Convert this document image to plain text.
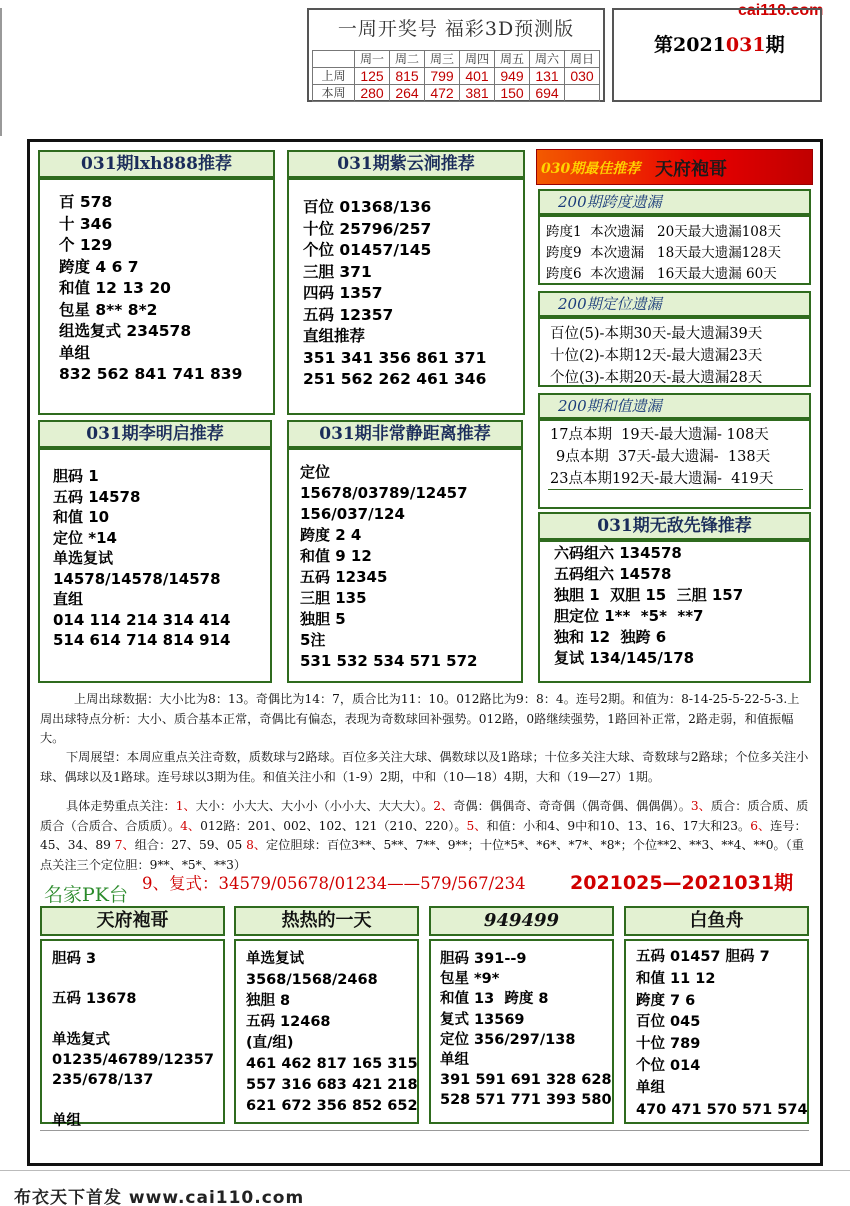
cai110.com
一周开奖号 福彩3D预测版
	周一	周二	周三	周四	周五	周六	周日
上周	125	815	799	401	949	131	030
本周	280	264	472	381	150	694	
第2021031期
031期lxh888推荐
百 578
十 346
个 129
跨度 4 6 7
和值 12 13 20
包星 8** 8*2
组选复式 234578
单组
832 562 841 741 839
031期紫云涧推荐
百位 01368/136
十位 25796/257
个位 01457/145
三胆 371
四码 1357
五码 12357
直组推荐
351 341 356 861 371
251 562 262 461 346
031期李明启推荐
胆码 1
五码 14578
和值 10
定位 *14
单选复试
14578/14578/14578
直组
014 114 214 314 414
514 614 714 814 914
031期非常静距离推荐
定位
15678/03789/12457
156/037/124
跨度 2 4
和值 9 12
五码 12345
三胆 135
独胆 5
5注
531 532 534 571 572
030期最佳推荐 天府袍哥
200期跨度遗漏
跨度1  本次遗漏   20天最大遗漏108天
跨度9  本次遗漏   18天最大遗漏128天
跨度6  本次遗漏   16天最大遗漏 60天
200期定位遗漏
百位(5)-本期30天-最大遗漏39天
十位(2)-本期12天-最大遗漏23天
个位(3)-本期20天-最大遗漏28天
200期和值遗漏
17点本期  19天-最大遗漏- 108天
9点本期  37天-最大遗漏-  138天
23点本期192天-最大遗漏-  419天
031期无敌先锋推荐
六码组六 134578
五码组六 14578
独胆 1  双胆 15  三胆 157
胆定位 1**  *5*  **7
独和 12  独跨 6
复试 134/145/178
上周出球数据：大小比为8：13。奇偶比为14：7，质合比为11：10。012路比为9：8：4。连号2期。和值为：8-14-25-5-22-5-3.上周出球特点分析：大小、质合基本正常，奇偶比有偏态，表现为奇数球回补强势。012路，0路继续强势，1路回补正常，2路走弱，和值振幅大。
下周展望：本周应重点关注奇数，质数球与2路球。百位多关注大球、偶数球以及1路球；十位多关注大球、奇数球与2路球；个位多关注小球、偶球以及1路球。连号球以3期为佳。和值关注小和（1-9）2期，中和（10—18）4期，大和（19—27）1期。
具体走势重点关注：1、大小：小大大、大小小（小小大、大大大）。2、奇偶：偶偶奇、奇奇偶（偶奇偶、偶偶偶）。3、质合：质合质、质质合（合质合、合质质）。4、012路：201、002、102、121（210、220）。5、和值：小和4、9中和10、13、16、17大和23。6、连号：45、34、89 7、组合：27、59、05 8、定位胆球：百位3**、5**、7**、9**；十位*5*、*6*、*7*、*8*；个位**2、**3、**4、**0。（重点关注三个定位胆：9**、*5*、**3）
名家PK台
9、复式：34579/05678/01234——579/567/234 2021025—2021031期
天府袍哥
胆码 3

五码 13678

单选复式
01235/46789/12357
235/678/137

单组
热热的一天
单选复试
3568/1568/2468
独胆 8
五码 12468
(直/组)
461 462 817 165 315
557 316 683 421 218
621 672 356 852 652
949499
胆码 391--9
包星 *9*
和值 13  跨度 8
复式 13569
定位 356/297/138
单组
391 591 691 328 628
528 571 771 393 580
白鱼舟
五码 01457 胆码 7
和值 11 12
跨度 7 6
百位 045
十位 789
个位 014
单组
470 471 570 571 574
布衣天下首发 www.cai110.com
